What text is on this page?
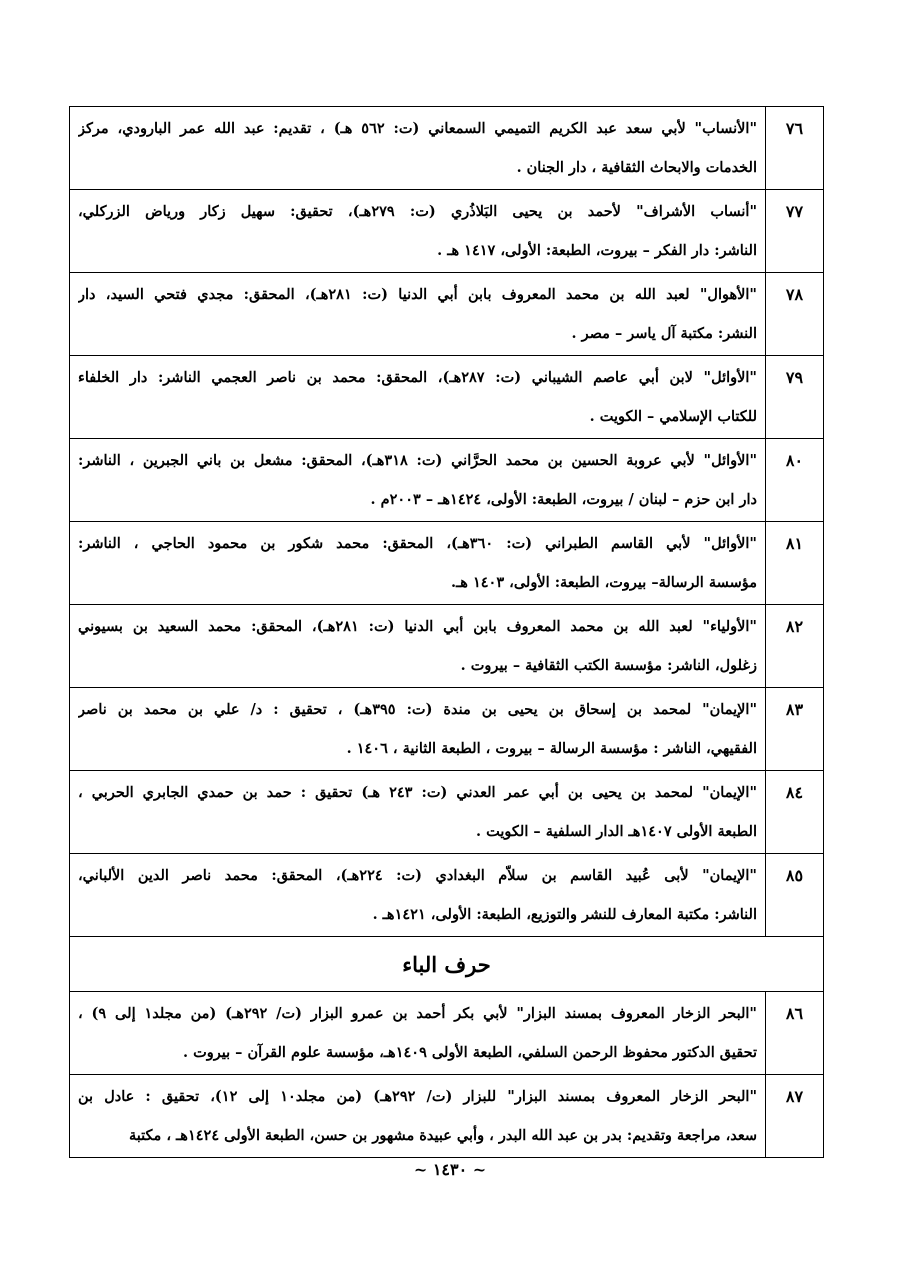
٧٦	"الأنساب" لأبي سعد عبد الكريم التميمي السمعاني (ت: ٥٦٢ هـ) ، تقديم: عبد الله عمر البارودي، مركز
الخدمات والابحاث الثقافية ، دار الجنان .

٧٧	"أنساب الأشراف" لأحمد بن يحيى البَلاذُري (ت: ٢٧٩هـ)، تحقيق: سهيل زكار ورياض الزركلي،
الناشر: دار الفكر – بيروت، الطبعة: الأولى، ١٤١٧ هـ .

٧٨	"الأهوال" لعبد الله بن محمد المعروف بابن أبي الدنيا (ت: ٢٨١هـ)، المحقق: مجدي فتحي السيد، دار
النشر: مكتبة آل ياسر – مصر .

٧٩	"الأوائل" لابن أبي عاصم الشيباني (ت: ٢٨٧هـ)، المحقق: محمد بن ناصر العجمي الناشر: دار الخلفاء
للكتاب الإسلامي – الكويت .

٨٠	"الأوائل" لأبي عروبة الحسين بن محمد الحرَّاني (ت: ٣١٨هـ)، المحقق: مشعل بن باني الجبرين ، الناشر:
دار ابن حزم – لبنان / بيروت، الطبعة: الأولى، ١٤٢٤هـ – ٢٠٠٣م .

٨١	"الأوائل" لأبي القاسم الطبراني (ت: ٣٦٠هـ)، المحقق: محمد شكور بن محمود الحاجي ، الناشر:
مؤسسة الرسالة– بيروت، الطبعة: الأولى، ١٤٠٣ هـ.

٨٢	"الأولياء" لعبد الله بن محمد المعروف بابن أبي الدنيا (ت: ٢٨١هـ)، المحقق: محمد السعيد بن بسيوني
زغلول، الناشر: مؤسسة الكتب الثقافية – بيروت .

٨٣	"الإيمان" لمحمد بن إسحاق بن يحيى بن مندة (ت: ٣٩٥هـ) ، تحقيق : د/ علي بن محمد بن ناصر
الفقيهي، الناشر : مؤسسة الرسالة – بيروت ، الطبعة الثانية ، ١٤٠٦ .

٨٤	"الإيمان" لمحمد بن يحيى بن أبي عمر العدني (ت: ٢٤٣ هـ) تحقيق : حمد بن حمدي الجابري الحربي ،
الطبعة الأولى ١٤٠٧هـ الدار السلفية – الكويت .

٨٥	"الإيمان" لأبى عُبيد القاسم بن سلاّم البغدادي (ت: ٢٢٤هـ)، المحقق: محمد ناصر الدين الألباني،
الناشر: مكتبة المعارف للنشر والتوزيع، الطبعة: الأولى، ١٤٢١هـ .

حرف الباء	
٨٦	"البحر الزخار المعروف بمسند البزار" لأبي بكر أحمد بن عمرو البزار (ت/ ٢٩٢هـ) (من مجلد١ إلى ٩) ،
تحقيق الدكتور محفوظ الرحمن السلفي، الطبعة الأولى ١٤٠٩هـ، مؤسسة علوم القرآن – بيروت .

٨٧	"البحر الزخار المعروف بمسند البزار" للبزار (ت/ ٢٩٢هـ) (من مجلد١٠ إلى ١٢)، تحقيق : عادل بن
سعد، مراجعة وتقديم: بدر بن عبد الله البدر ، وأبي عبيدة مشهور بن حسن، الطبعة الأولى ١٤٢٤هـ ، مكتبة
~ ١٤٣٠ ~
